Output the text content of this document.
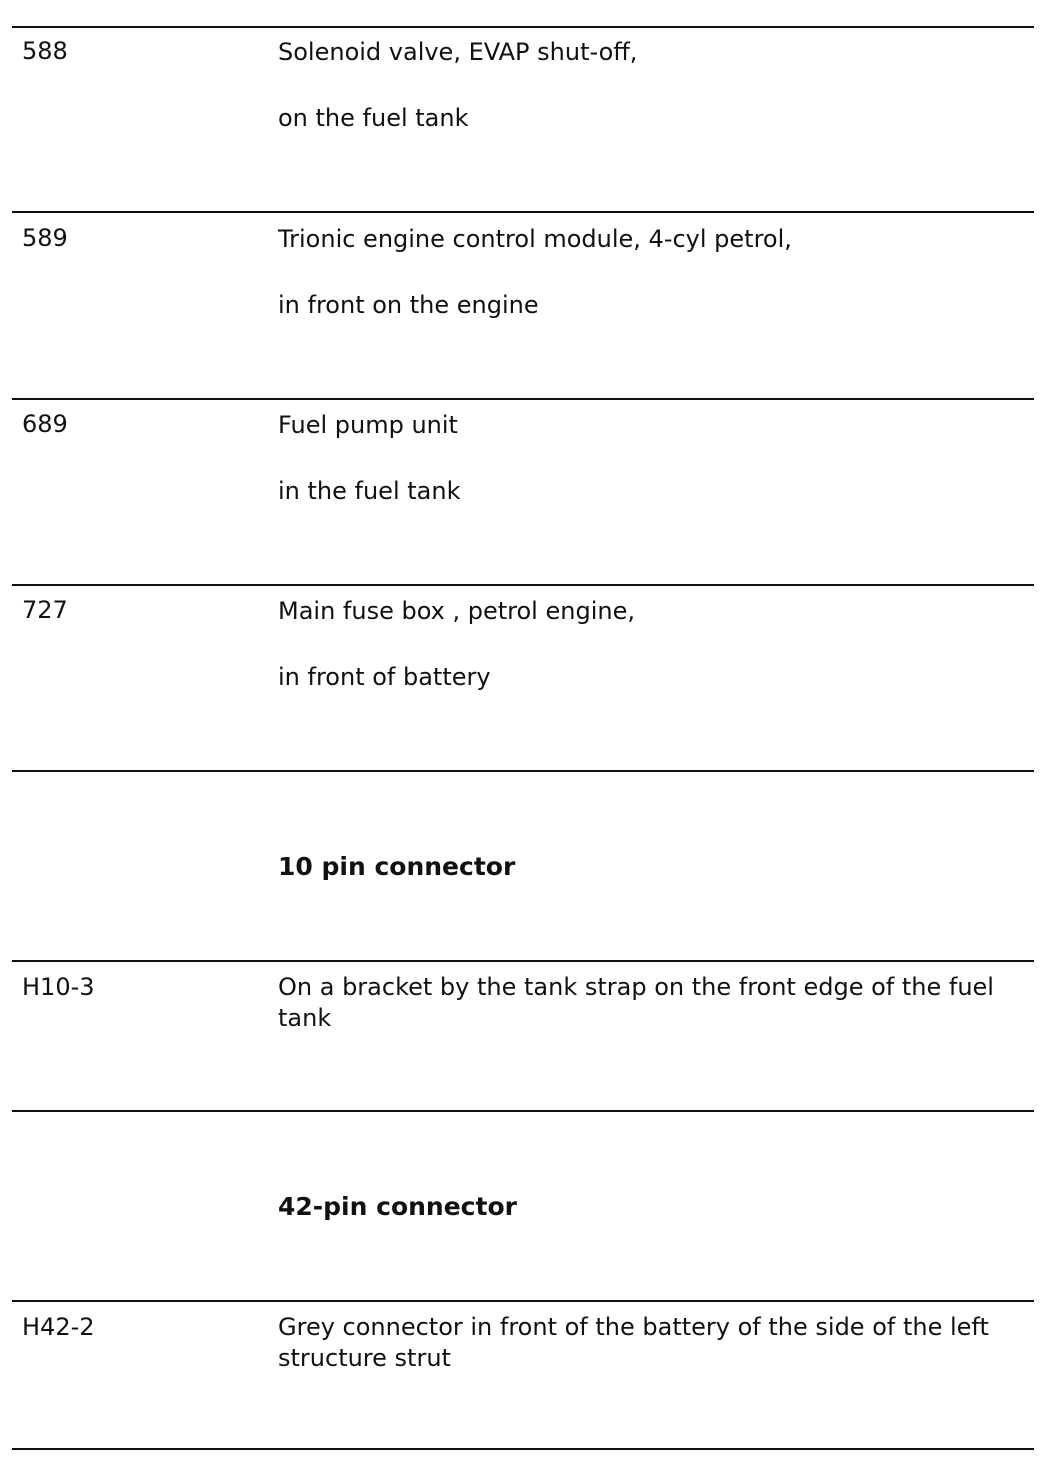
588	Solenoid valve, EVAP shut-off,
on the fuel tank
589	Trionic engine control module, 4-cyl petrol,
in front on the engine
689	Fuel pump unit
in the fuel tank
727	Main fuse box , petrol engine,
in front of battery
10 pin connector
H10-3	On a bracket by the tank strap on the front edge of the fuel tank
42-pin connector
H42-2	Grey connector in front of the battery of the side of the left structure strut
